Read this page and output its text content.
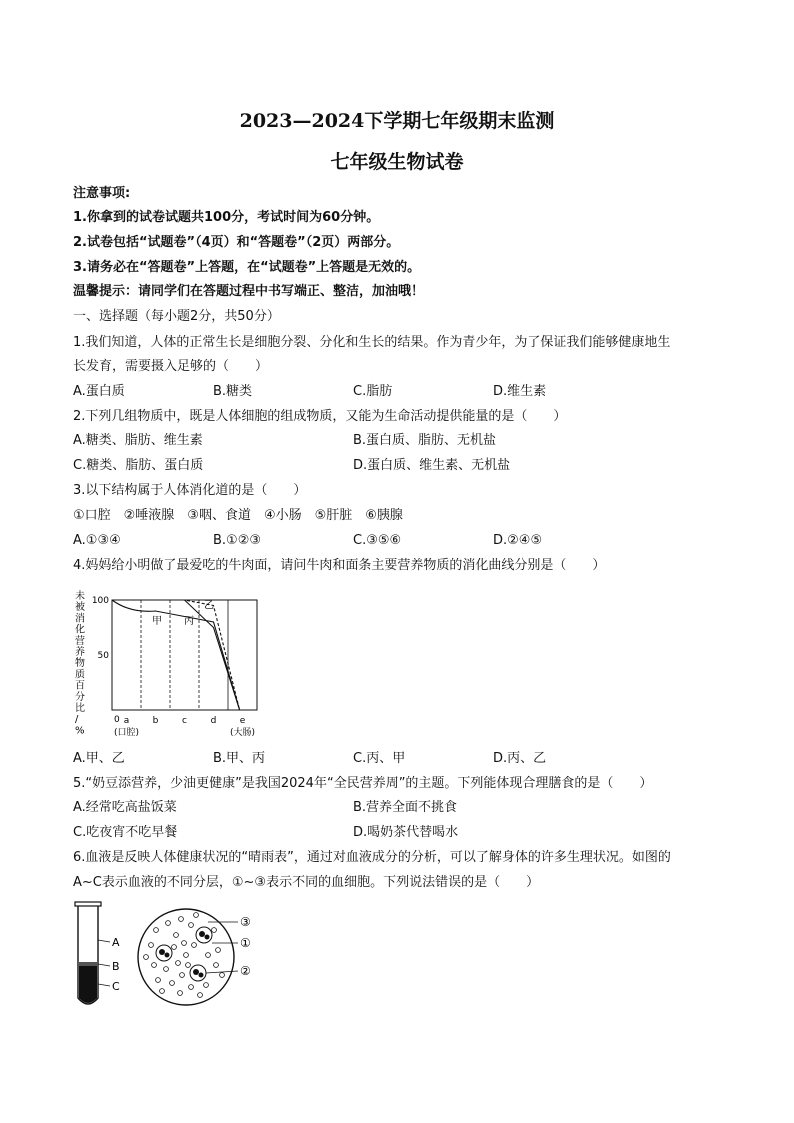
2023—2024下学期七年级期末监测
七年级生物试卷
注意事项:
1.你拿到的试卷试题共100分，考试时间为60分钟。
2.试卷包括“试题卷”（4页）和“答题卷”（2页）两部分。
3.请务必在“答题卷”上答题，在“试题卷”上答题是无效的。
温馨提示：请同学们在答题过程中书写端正、整洁，加油哦！
一、选择题（每小题2分，共50分）
1.我们知道，人体的正常生长是细胞分裂、分化和生长的结果。作为青少年，为了保证我们能够健康地生
长发育，需要摄入足够的（　　）
A.蛋白质	B.糖类	C.脂肪	D.维生素
2.下列几组物质中，既是人体细胞的组成物质，又能为生命活动提供能量的是（　　）
A.糖类、脂肪、维生素	B.蛋白质、脂肪、无机盐
C.糖类、脂肪、蛋白质	D.蛋白质、维生素、无机盐
3.以下结构属于人体消化道的是（　　）
①口腔　②唾液腺　③咽、食道　④小肠　⑤肝脏　⑥胰腺
A.①③④	B.①②③	C.③⑤⑥	D.②④⑤
4.妈妈给小明做了最爱吃的牛肉面，请问牛肉和面条主要营养物质的消化曲线分别是（　　）
未
被
消
化
营
养
物
质
百
分
比
/
%
100
50
0 a
(口腔)
b	c	d	e
(大肠)
甲 丙
乙
A.甲、乙	B.甲、丙	C.丙、甲	D.丙、乙
5.“奶豆添营养，少油更健康”是我国2024年“全民营养周”的主题。下列能体现合理膳食的是（　　）
A.经常吃高盐饭菜	B.营养全面不挑食
C.吃夜宵不吃早餐	D.喝奶茶代替喝水
6.血液是反映人体健康状况的“晴雨表”，通过对血液成分的分析，可以了解身体的许多生理状况。如图的
A~C表示血液的不同分层，①~③表示不同的血细胞。下列说法错误的是（　　）
A
B
C
③
①
②
